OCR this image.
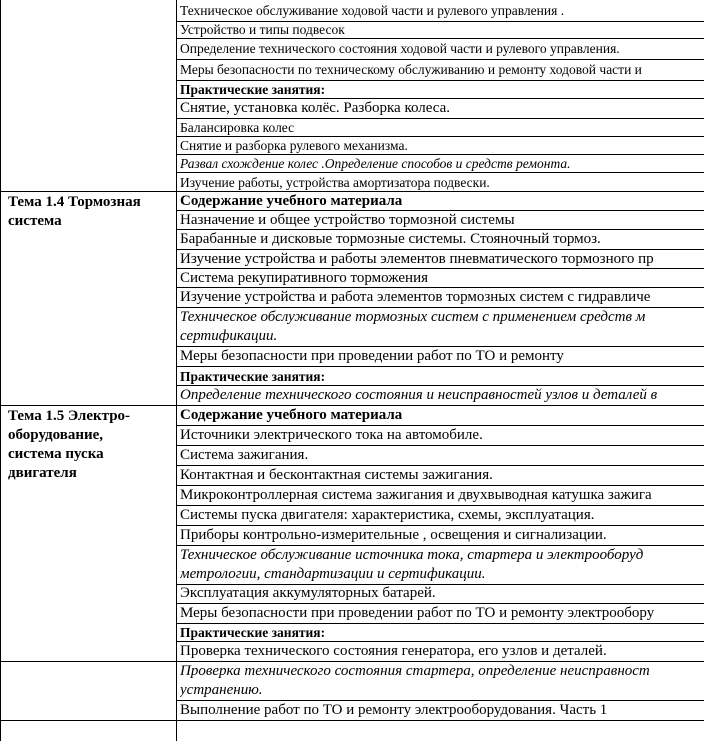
Техническое обслуживание ходовой части и рулевого управления .
Устройство и типы подвесок
Определение технического состояния ходовой части и рулевого управления.
Меры безопасности по техническому обслуживанию и ремонту ходовой части и
Практические занятия:
Снятие, установка колёс. Разборка колеса.
Балансировка колес
Снятие и разборка рулевого механизма.
Развал схождение колес .Определение способов и средств ремонта.
Изучение работы, устройства амортизатора подвески.
Тема 1.4 Тормозная
система
Содержание учебного материала
Назначение и общее устройство тормозной системы
Барабанные и дисковые тормозные системы. Стояночный тормоз.
Изучение устройства и работы элементов пневматического тормозного пр
Система рекупиративного торможения
Изучение устройства и работа элементов тормозных систем с гидравличе
Техническое обслуживание тормозных систем с применением средств м
сертификации.
Меры безопасности при проведении работ по ТО и ремонту
Практические занятия:
Определение технического состояния и неисправностей узлов и деталей в
Тема 1.5 Электро-
оборудование,
система пуска
двигателя
Содержание учебного материала
Источники электрического тока на автомобиле.
Система зажигания.
Контактная и бесконтактная системы зажигания.
Микроконтроллерная система зажигания и двухвыводная катушка зажига
Системы пуска двигателя: характеристика, схемы, эксплуатация.
Приборы контрольно-измерительные , освещения и сигнализации.
Техническое обслуживание источника тока, стартера и электрооборуд
метрологии, стандартизации и сертификации.
Эксплуатация аккумуляторных батарей.
Меры безопасности при проведении работ по ТО и ремонту электрообору
Практические занятия:
Проверка технического состояния генератора, его узлов и деталей.
Проверка технического состояния стартера, определение неисправност
устранению.
Выполнение работ по ТО и ремонту электрооборудования. Часть 1
